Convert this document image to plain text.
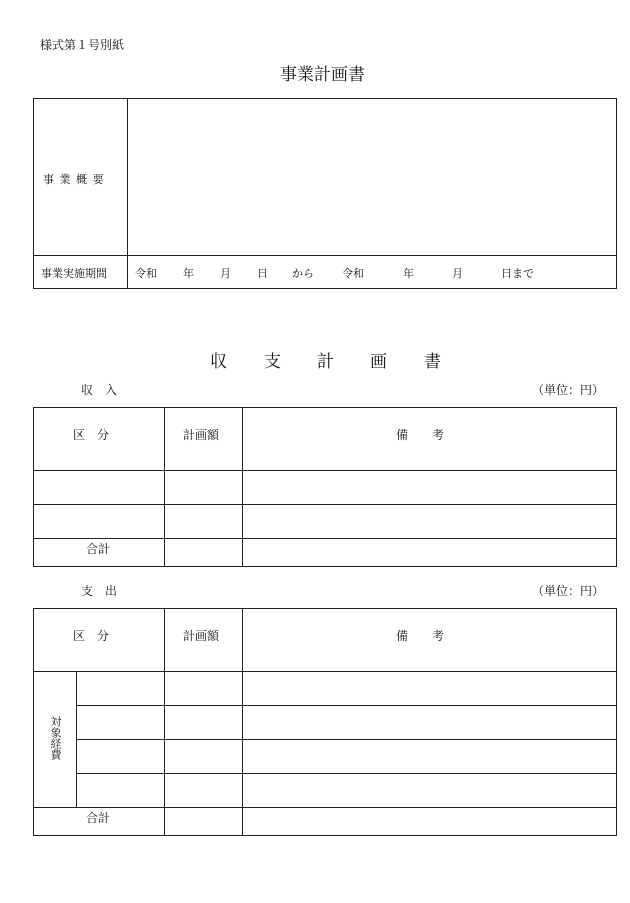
様式第１号別紙
事業計画書
事 業 概 要
事業実施期間	令和 年 月 日 から	令和	年	月	日まで
収 支 計 画 書
収　入	（単位：円）
区　分	計画額	備　　考
合計
支　出	（単位：円）
区　分	計画額	備　　考
対象経費
合計
